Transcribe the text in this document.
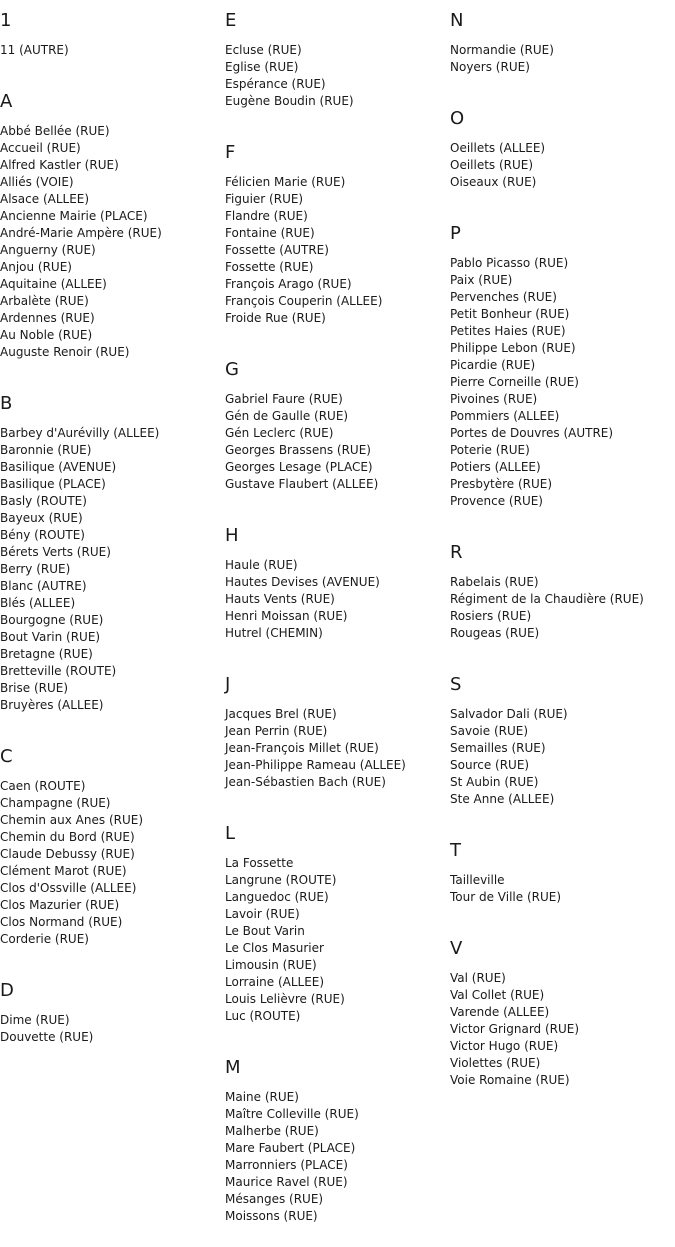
1
11 (AUTRE)
A
Abbé Bellée (RUE)
Accueil (RUE)
Alfred Kastler (RUE)
Alliés (VOIE)
Alsace (ALLEE)
Ancienne Mairie (PLACE)
André-Marie Ampère (RUE)
Anguerny (RUE)
Anjou (RUE)
Aquitaine (ALLEE)
Arbalète (RUE)
Ardennes (RUE)
Au Noble (RUE)
Auguste Renoir (RUE)
B
Barbey d'Aurévilly (ALLEE)
Baronnie (RUE)
Basilique (AVENUE)
Basilique (PLACE)
Basly (ROUTE)
Bayeux (RUE)
Bény (ROUTE)
Bérets Verts (RUE)
Berry (RUE)
Blanc (AUTRE)
Blés (ALLEE)
Bourgogne (RUE)
Bout Varin (RUE)
Bretagne (RUE)
Bretteville (ROUTE)
Brise (RUE)
Bruyères (ALLEE)
C
Caen (ROUTE)
Champagne (RUE)
Chemin aux Anes (RUE)
Chemin du Bord (RUE)
Claude Debussy (RUE)
Clément Marot (RUE)
Clos d'Ossville (ALLEE)
Clos Mazurier (RUE)
Clos Normand (RUE)
Corderie (RUE)
D
Dime (RUE)
Douvette (RUE)
E
Ecluse (RUE)
Eglise (RUE)
Espérance (RUE)
Eugène Boudin (RUE)
F
Félicien Marie (RUE)
Figuier (RUE)
Flandre (RUE)
Fontaine (RUE)
Fossette (AUTRE)
Fossette (RUE)
François Arago (RUE)
François Couperin (ALLEE)
Froide Rue (RUE)
G
Gabriel Faure (RUE)
Gén de Gaulle (RUE)
Gén Leclerc (RUE)
Georges Brassens (RUE)
Georges Lesage (PLACE)
Gustave Flaubert (ALLEE)
H
Haule (RUE)
Hautes Devises (AVENUE)
Hauts Vents (RUE)
Henri Moissan (RUE)
Hutrel (CHEMIN)
J
Jacques Brel (RUE)
Jean Perrin (RUE)
Jean-François Millet (RUE)
Jean-Philippe Rameau (ALLEE)
Jean-Sébastien Bach (RUE)
L
La Fossette
Langrune (ROUTE)
Languedoc (RUE)
Lavoir (RUE)
Le Bout Varin
Le Clos Masurier
Limousin (RUE)
Lorraine (ALLEE)
Louis Lelièvre (RUE)
Luc (ROUTE)
M
Maine (RUE)
Maître Colleville (RUE)
Malherbe (RUE)
Mare Faubert (PLACE)
Marronniers (PLACE)
Maurice Ravel (RUE)
Mésanges (RUE)
Moissons (RUE)
N
Normandie (RUE)
Noyers (RUE)
O
Oeillets (ALLEE)
Oeillets (RUE)
Oiseaux (RUE)
P
Pablo Picasso (RUE)
Paix (RUE)
Pervenches (RUE)
Petit Bonheur (RUE)
Petites Haies (RUE)
Philippe Lebon (RUE)
Picardie (RUE)
Pierre Corneille (RUE)
Pivoines (RUE)
Pommiers (ALLEE)
Portes de Douvres (AUTRE)
Poterie (RUE)
Potiers (ALLEE)
Presbytère (RUE)
Provence (RUE)
R
Rabelais (RUE)
Régiment de la Chaudière (RUE)
Rosiers (RUE)
Rougeas (RUE)
S
Salvador Dali (RUE)
Savoie (RUE)
Semailles (RUE)
Source (RUE)
St Aubin (RUE)
Ste Anne (ALLEE)
T
Tailleville
Tour de Ville (RUE)
V
Val (RUE)
Val Collet (RUE)
Varende (ALLEE)
Victor Grignard (RUE)
Victor Hugo (RUE)
Violettes (RUE)
Voie Romaine (RUE)
